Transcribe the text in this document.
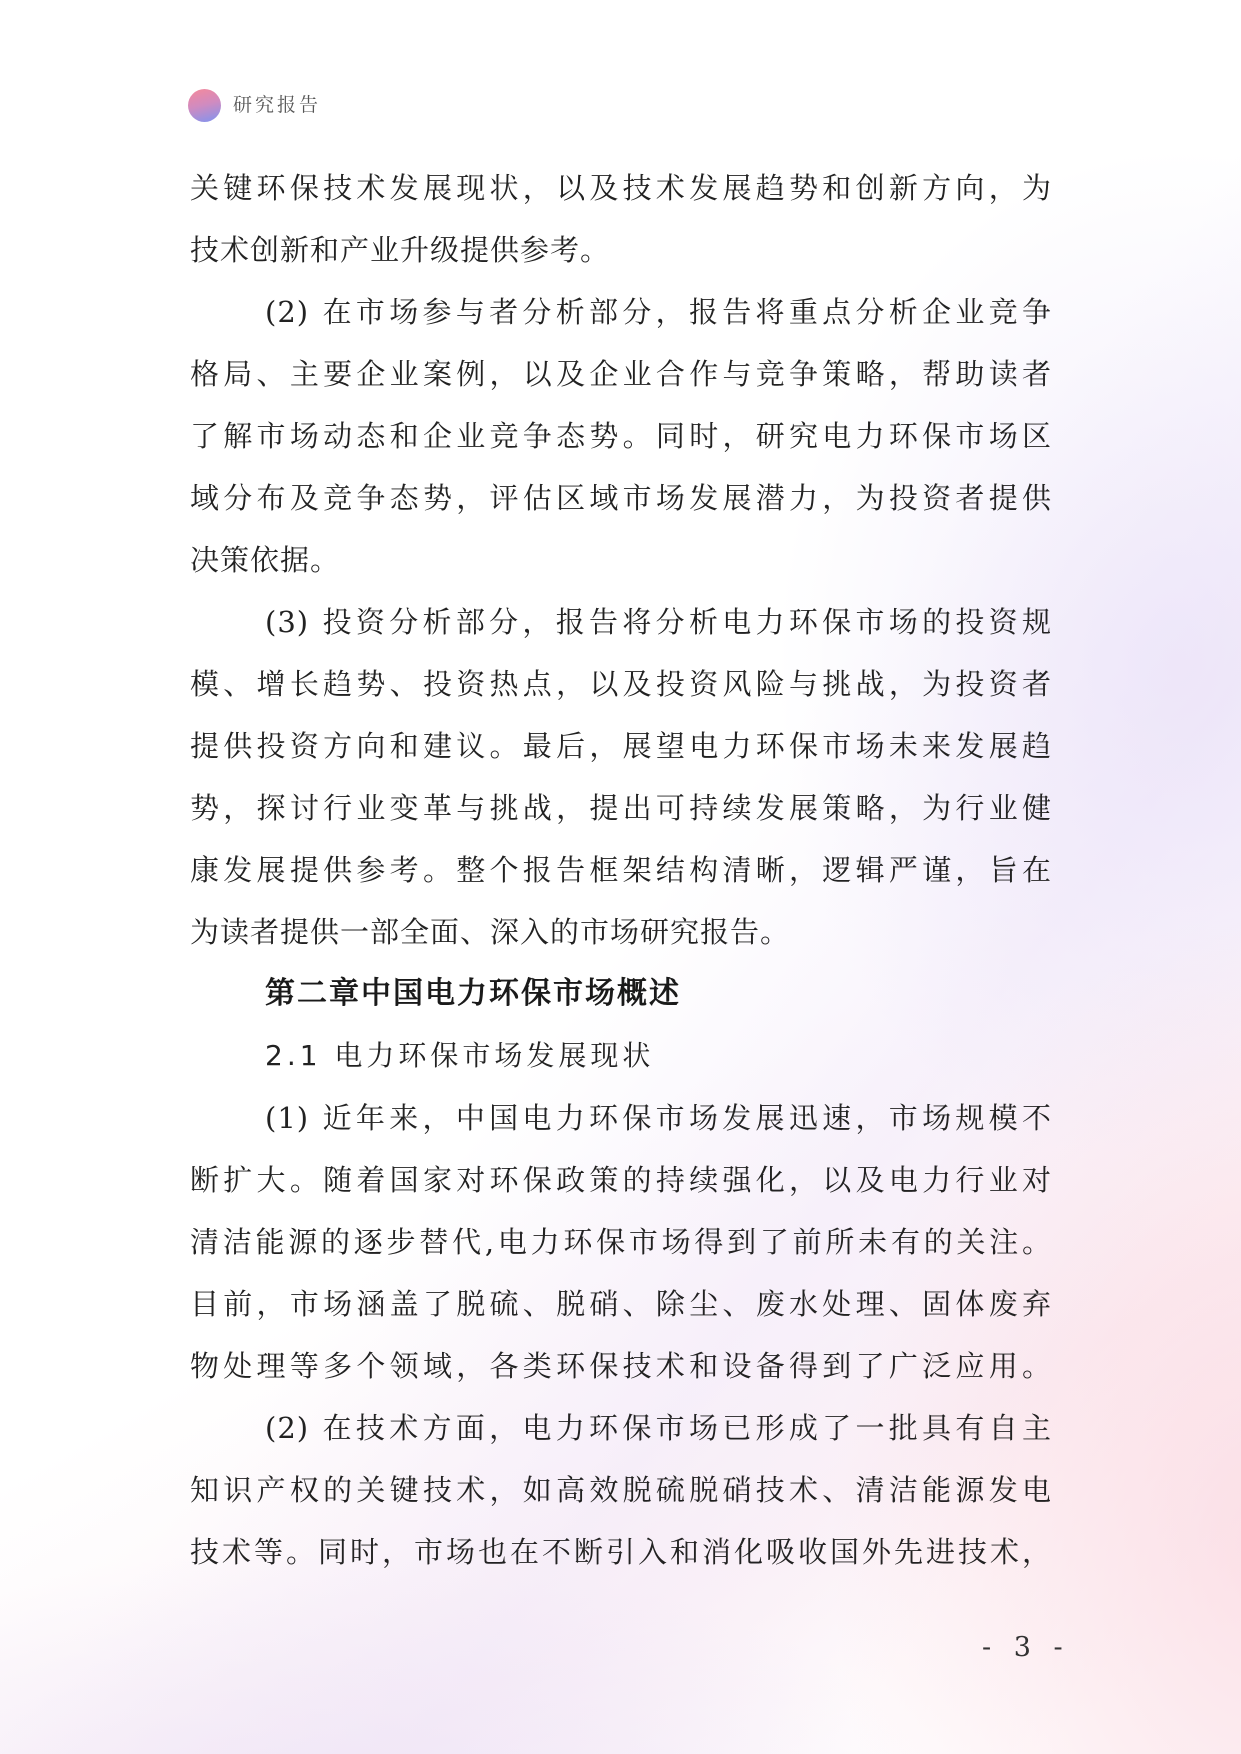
研究报告
关键环保技术发展现状，以及技术发展趋势和创新方向，为
技术创新和产业升级提供参考。
(2) 在市场参与者分析部分，报告将重点分析企业竞争
格局、主要企业案例，以及企业合作与竞争策略，帮助读者
了解市场动态和企业竞争态势。同时，研究电力环保市场区
域分布及竞争态势，评估区域市场发展潜力，为投资者提供
决策依据。
(3) 投资分析部分，报告将分析电力环保市场的投资规
模、增长趋势、投资热点，以及投资风险与挑战，为投资者
提供投资方向和建议。最后，展望电力环保市场未来发展趋
势，探讨行业变革与挑战，提出可持续发展策略，为行业健
康发展提供参考。整个报告框架结构清晰，逻辑严谨，旨在
为读者提供一部全面、深入的市场研究报告。
第二章中国电力环保市场概述
2.1 电力环保市场发展现状
(1) 近年来，中国电力环保市场发展迅速，市场规模不
断扩大。随着国家对环保政策的持续强化，以及电力行业对
清洁能源的逐步替代,电力环保市场得到了前所未有的关注。
目前，市场涵盖了脱硫、脱硝、除尘、废水处理、固体废弃
物处理等多个领域，各类环保技术和设备得到了广泛应用。
(2) 在技术方面，电力环保市场已形成了一批具有自主
知识产权的关键技术，如高效脱硫脱硝技术、清洁能源发电
技术等。同时，市场也在不断引入和消化吸收国外先进技术，
- 3 -
